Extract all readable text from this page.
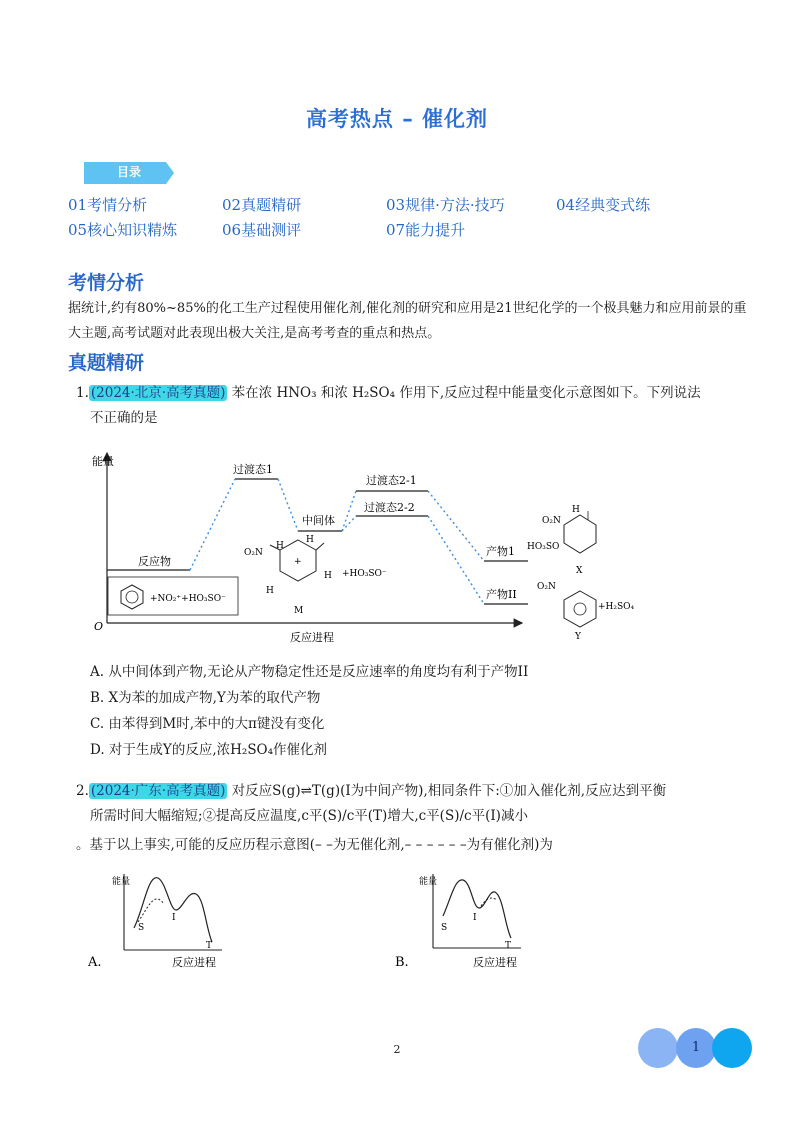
高考热点 – 催化剂
目录
01考情分析	02真题精研	03规律·方法·技巧	04经典变式练
05核心知识精炼	06基础测评	07能力提升
考情分析
据统计,约有80%~85%的化工生产过程使用催化剂,催化剂的研究和应用是21世纪化学的一个极具魅力和应用前景的重大主题,高考试题对此表现出极大关注,是高考考查的重点和热点。
真题精研
1. (2024·北京·高考真题) 苯在浓 HNO₃ 和浓 H₂SO₄ 作用下,反应过程中能量变化示意图如下。下列说法
不正确的是
能量
O
反应进程
过渡态1
中间体
过渡态2-1
过渡态2-2
反应物
产物1
产物II
+NO₂⁺+HO₃SO⁻
O₂N
H
H
H
H
M
+
+HO₃SO⁻
O₂N
H
HO₃SO
X
O₂N
Y
+H₂SO₄
A. 从中间体到产物,无论从产物稳定性还是反应速率的角度均有利于产物II
B. X为苯的加成产物,Y为苯的取代产物
C. 由苯得到M时,苯中的大π键没有变化
D. 对于生成Y的反应,浓H₂SO₄作催化剂
2. (2024·广东·高考真题) 对反应S(g)⇌T(g)(I为中间产物),相同条件下:①加入催化剂,反应达到平衡
所需时间大幅缩短;②提高反应温度,c平(S)/c平(T)增大,c平(S)/c平(Ⅰ)减小
。基于以上事实,可能的反应历程示意图(– –为无催化剂,– – – – – –为有催化剂)为
能量
S
I
T
A.	反应进程
能量
S
I
T
B.	反应进程
2	1
